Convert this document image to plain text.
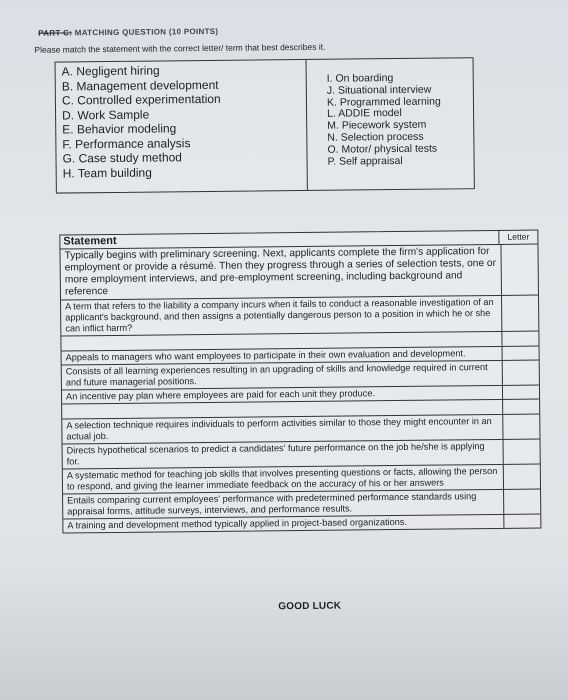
PART C: MATCHING QUESTION (10 POINTS)
Please match the statement with the correct letter/ term that best describes it.
A. Negligent hiring
B. Management development
C. Controlled experimentation
D. Work Sample
E. Behavior modeling
F. Performance analysis
G. Case study method
H. Team building
I. On boarding
J. Situational interview
K. Programmed learning
L. ADDIE model
M. Piecework system
N. Selection process
O. Motor/ physical tests
P. Self appraisal
Statement	Letter
Typically begins with preliminary screening. Next, applicants complete the firm's application for employment or provide a résumé. Then they progress through a series of selection tests, one or more employment interviews, and pre-employment screening, including background and reference
A term that refers to the liability a company incurs when it fails to conduct a reasonable investigation of an applicant's background, and then assigns a potentially dangerous person to a position in which he or she can inflict harm?
Appeals to managers who want employees to participate in their own evaluation and development.
Consists of all learning experiences resulting in an upgrading of skills and knowledge required in current and future managerial positions.
An incentive pay plan where employees are paid for each unit they produce.
A selection technique requires individuals to perform activities similar to those they might encounter in an actual job.
Directs hypothetical scenarios to predict a candidates' future performance on the job he/she is applying for.
A systematic method for teaching job skills that involves presenting questions or facts, allowing the person to respond, and giving the learner immediate feedback on the accuracy of his or her answers
Entails comparing current employees' performance with predetermined performance standards using appraisal forms, attitude surveys, interviews, and performance results.
A training and development method typically applied in project-based organizations.
GOOD LUCK
